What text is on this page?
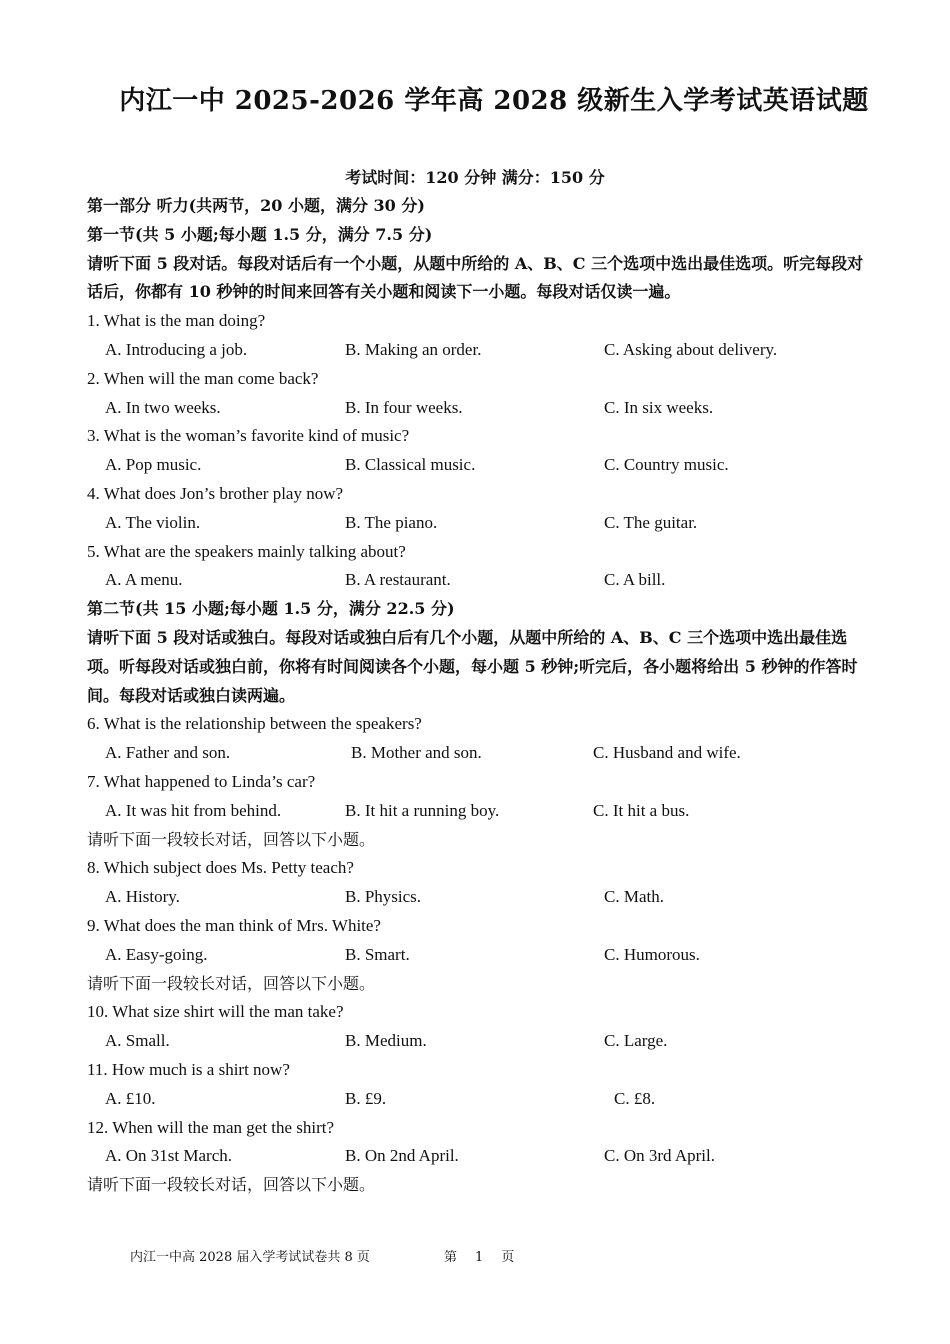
内江一中 2025-2026 学年高 2028 级新生入学考试英语试题
考试时间：120 分钟 满分：150 分
第一部分 听力(共两节，20 小题，满分 30 分)
第一节(共 5 小题;每小题 1.5 分，满分 7.5 分)
请听下面 5 段对话。每段对话后有一个小题，从题中所给的 A、B、C 三个选项中选出最佳选项。听完每段对话后，你都有 10 秒钟的时间来回答有关小题和阅读下一小题。每段对话仅读一遍。
1. What is the man doing?
A. Introducing a job.	B. Making an order.	C. Asking about delivery.
2. When will the man come back?
A. In two weeks.	B. In four weeks.	C. In six weeks.
3. What is the woman’s favorite kind of music?
A. Pop music.	B. Classical music.	C. Country music.
4. What does Jon’s brother play now?
A. The violin.	B. The piano.	C. The guitar.
5. What are the speakers mainly talking about?
A. A menu.	B. A restaurant.	C. A bill.
第二节(共 15 小题;每小题 1.5 分，满分 22.5 分)
请听下面 5 段对话或独白。每段对话或独白后有几个小题，从题中所给的 A、B、C 三个选项中选出最佳选项。听每段对话或独白前，你将有时间阅读各个小题，每小题 5 秒钟;听完后，各小题将给出 5 秒钟的作答时间。每段对话或独白读两遍。
6. What is the relationship between the speakers?
A. Father and son.	B. Mother and son.	C. Husband and wife.
7. What happened to Linda’s car?
A. It was hit from behind.	B. It hit a running boy.	C. It hit a bus.
请听下面一段较长对话，回答以下小题。
8. Which subject does Ms. Petty teach?
A. History.	B. Physics.	C. Math.
9. What does the man think of Mrs. White?
A. Easy-going.	B. Smart.	C. Humorous.
请听下面一段较长对话，回答以下小题。
10. What size shirt will the man take?
A. Small.	B. Medium.	C. Large.
11. How much is a shirt now?
A. £10.	B. £9.	C. £8.
12. When will the man get the shirt?
A. On 31st March.	B. On 2nd April.	C. On 3rd April.
请听下面一段较长对话，回答以下小题。
内江一中高 2028 届入学考试试卷共 8 页	第 1 页
